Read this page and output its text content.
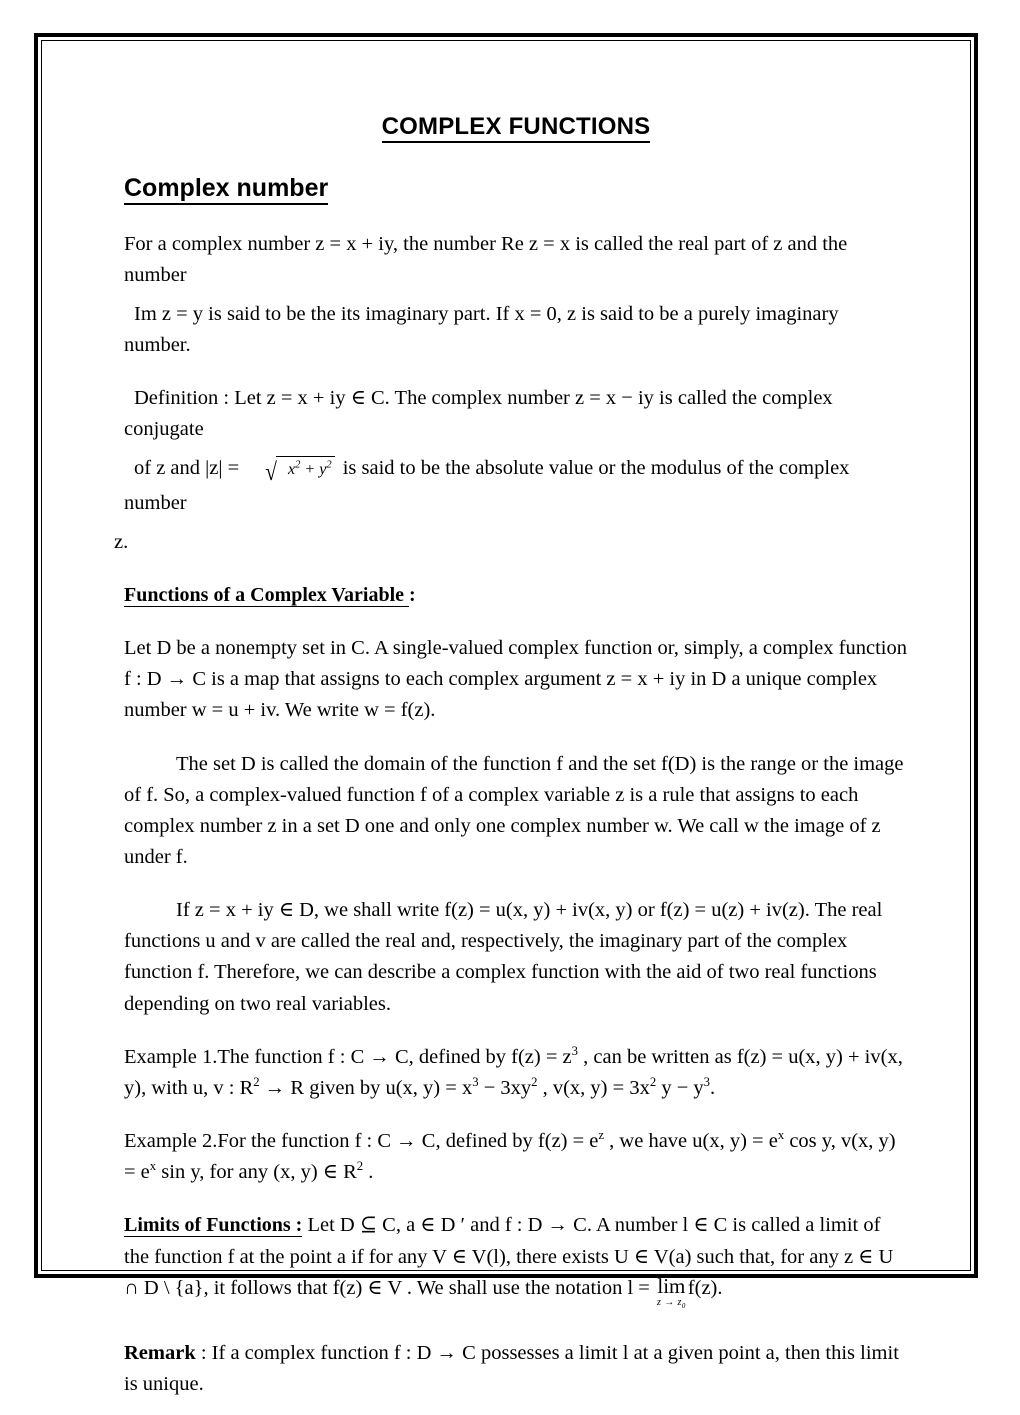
COMPLEX FUNCTIONS
Complex number

For a complex number z = x + iy, the number Re z = x is called the real part of z and the number

Im z = y is said to be the its imaginary part. If x = 0, z is said to be a purely imaginary number.

Definition : Let z = x + iy ∈ C. The complex number z = x − iy is called the complex conjugate

of z and |z| = √ $x^2 + y^2$ is said to be the absolute value or the modulus of the complex number

z.

Functions of a Complex Variable :

Let D be a nonempty set in C. A single-valued complex function or, simply, a complex function f : D → C is a map that assigns to each complex argument z = x + iy in D a unique complex number w = u + iv. We write w = f(z).

The set D is called the domain of the function f and the set f(D) is the range or the image of f. So, a complex-valued function f of a complex variable z is a rule that assigns to each complex number z in a set D one and only one complex number w. We call w the image of z under f.

If z = x + iy ∈ D, we shall write f(z) = u(x, y) + iv(x, y) or f(z) = u(z) + iv(z). The real functions u and v are called the real and, respectively, the imaginary part of the complex function f. Therefore, we can describe a complex function with the aid of two real functions depending on two real variables.

Example 1.The function f : C → C, defined by $f(z) = z^3$ , can be written as f(z) = u(x, y) + iv(x, y), with u, v : $R^2 \to R$ given by u(x, $y) = x^3 - 3xy^2$ , v(x, $y) = 3x^2$ $y - y^3$.

Example 2.For the function f : C → C, defined by $f(z) = e^z$ , we have u(x, $y) = e^x$ cos y, v(x, $y) = e^x$ sin y, for any (x, y) ∈ $R^2$ .

Limits of Functions : Let D ⊆ C, a ∈ D ′ and f : D → C. A number l ∈ C is called a limit of the function f at the point a if for any V ∈ V(l), there exists U ∈ V(a) such that, for any z ∈ U ∩ D \ {a}, it follows that f(z) ∈ V . We shall use the notation l = lim
$z \to z_0$
f(z).

Remark : If a complex function f : D → C possesses a limit l at a given point a, then this limit is unique.
